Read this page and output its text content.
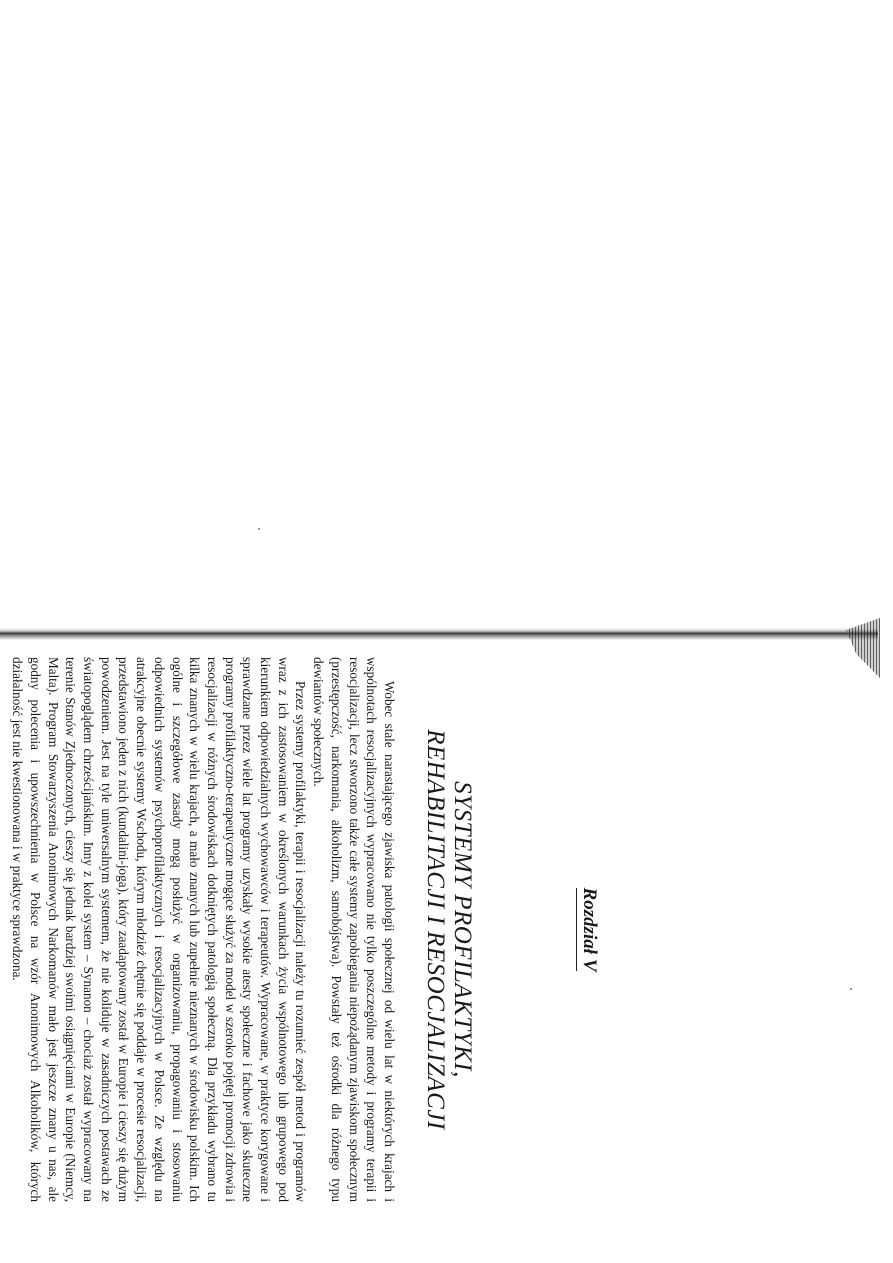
Rozdział V
SYSTEMY PROFILAKTYKI,
REHABILITACJI I RESOCJALIZACJI

Wobec stale narastającego zjawiska patologii społecznej od wielu lat w niektórych krajach i wspólnotach resocjalizacyjnych wypracowano nie tylko poszczególne metody i programy terapii i resocjalizacji, lecz stworzono także całe systemy zapobiegania niepożądanym zjawiskom społecznym (przestępczość, narkomania, alkoholizm, samobójstwa). Powstały też ośrodki dla różnego typu dewiantów społecznych.

Przez systemy profilaktyki, terapii i resocjalizacji należy tu rozumieć zespół metod i programów wraz z ich zastosowaniem w określonych warunkach życia wspólnotowego lub grupowego pod kierunkiem odpowiedzialnych wychowawców i terapeutów. Wypracowane, w praktyce korygowane i sprawdzane przez wiele lat programy uzyskały wysokie atesty społeczne i fachowe jako skuteczne programy profilaktyczno-terapeutyczne mogące służyć za model w szeroko pojętej promocji zdrowia i resocjalizacji w różnych środowiskach dotkniętych patologią społeczną. Dla przykładu wybrano tu kilka znanych w wielu krajach, a mało znanych lub zupełnie nieznanych w środowisku polskim. Ich ogólne i szczegółowe zasady mogą posłużyć w organizowaniu, propagowaniu i stosowaniu odpowiednich systemów psychoprofilaktycznych i resocjalizacyjnych w Polsce. Ze względu na atrakcyjne obecnie systemy Wschodu, którym młodzież chętnie się poddaje w procesie resocjalizacji, przedstawiono jeden z nich (kundalini-joga), który zaadaptowany został w Europie i cieszy się dużym powodzeniem. Jest na tyle uniwersalnym systemem, że nie koliduje w zasadniczych postawach ze światopoglądem chrześcijańskim. Inny z kolei system – Synanon – chociaż został wypracowany na terenie Stanów Zjednoczonych, cieszy się jednak bardziej swoimi osiągnięciami w Europie (Niemcy, Malta). Program Stowarzyszenia Anonimowych Narkomanów mało jest jeszcze znany u nas, ale godny polecenia i upowszechnienia w Polsce na wzór Anonimowych Alkoholików, których działalność jest nie kwestionowana i w praktyce sprawdzona.
